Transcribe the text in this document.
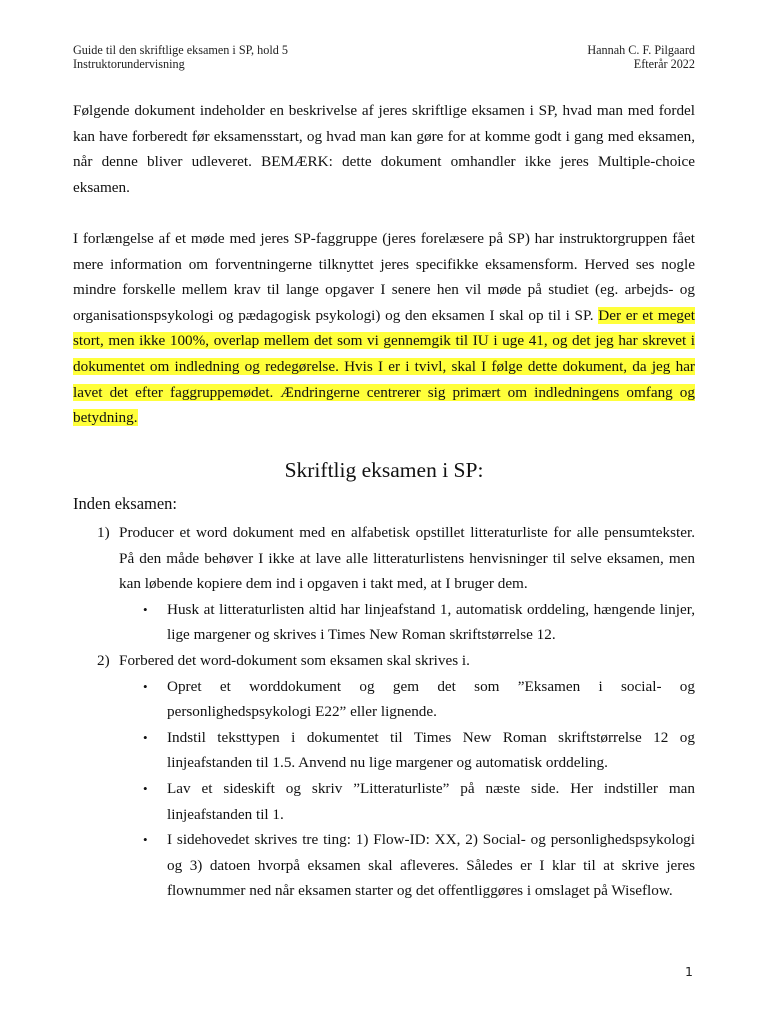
Guide til den skriftlige eksamen i SP, hold 5
Instruktorundervisning
Hannah C. F. Pilgaard
Efterår 2022
Følgende dokument indeholder en beskrivelse af jeres skriftlige eksamen i SP, hvad man med fordel
kan have forberedt før eksamensstart, og hvad man kan gøre for at komme godt i gang med eksamen,
når denne bliver udleveret. BEMÆRK: dette dokument omhandler ikke jeres Multiple-choice
eksamen.
I forlængelse af et møde med jeres SP-faggruppe (jeres forelæsere på SP) har instruktorgruppen fået
mere information om forventningerne tilknyttet jeres specifikke eksamensform. Herved ses nogle
mindre forskelle mellem krav til lange opgaver I senere hen vil møde på studiet (eg. arbejds- og
organisationspsykologi og pædagogisk psykologi) og den eksamen I skal op til i SP. Der er et meget
stort, men ikke 100%, overlap mellem det som vi gennemgik til IU i uge 41, og det jeg har skrevet i
dokumentet om indledning og redegørelse. Hvis I er i tvivl, skal I følge dette dokument, da jeg har
lavet det efter faggruppemødet. Ændringerne centrerer sig primært om indledningens omfang og
betydning.
Skriftlig eksamen i SP:
Inden eksamen:
1) Producer et word dokument med en alfabetisk opstillet litteraturliste for alle pensumtekster.
På den måde behøver I ikke at lave alle litteraturlistens henvisninger til selve eksamen, men
kan løbende kopiere dem ind i opgaven i takt med, at I bruger dem.
• Husk at litteraturlisten altid har linjeafstand 1, automatisk orddeling, hængende linjer,
lige margener og skrives i Times New Roman skriftstørrelse 12.
2) Forbered det word-dokument som eksamen skal skrives i.
• Opret et worddokument og gem det som ”Eksamen i social- og
personlighedspsykologi E22” eller lignende.
• Indstil teksttypen i dokumentet til Times New Roman skriftstørrelse 12 og
linjeafstanden til 1.5. Anvend nu lige margener og automatisk orddeling.
• Lav et sideskift og skriv ”Litteraturliste” på næste side. Her indstiller man
linjeafstanden til 1.
• I sidehovedet skrives tre ting: 1) Flow-ID: XX, 2) Social- og personlighedspsykologi
og 3) datoen hvorpå eksamen skal afleveres. Således er I klar til at skrive jeres
flownummer ned når eksamen starter og det offentliggøres i omslaget på Wiseflow.
1
